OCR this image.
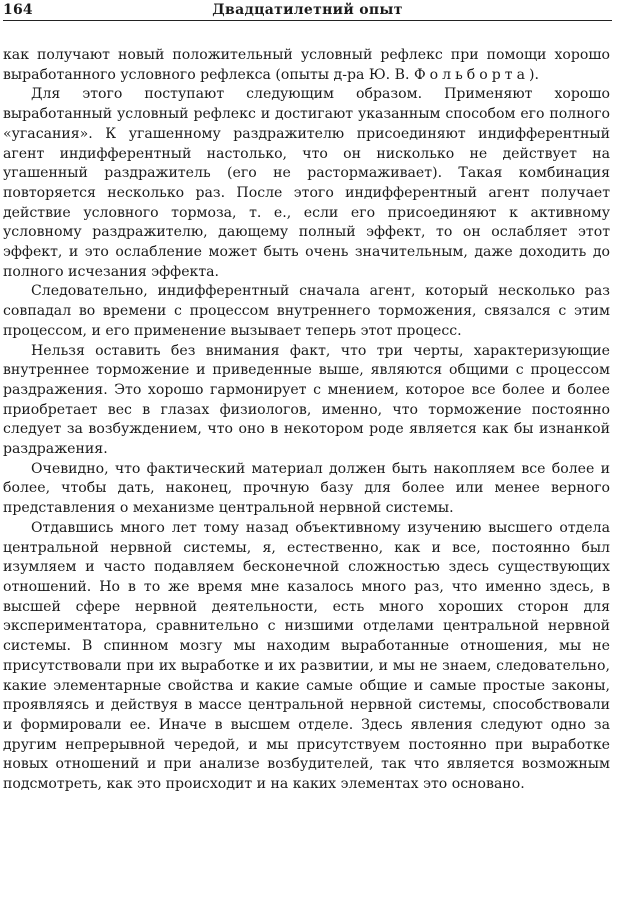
164	Двадцатилетний опыт

как получают новый положительный условный рефлекс при помощи хорошо выработанного условного рефлекса (опыты д-ра Ю. В. Фольборта).

Для этого поступают следующим образом. Применяют хорошо выработанный условный рефлекс и достигают указанным способом его полного «угасания». К угашенному раздражителю присоединяют индифферентный агент индифферентный настолько, что он нисколько не действует на угашенный раздражитель (его не растормаживает). Такая комбинация повторяется несколько раз. После этого индифферентный агент получает действие условного тормоза, т. е., если его присоединяют к активному условному раздражителю, дающему полный эффект, то он ослабляет этот эффект, и это ослабление может быть очень значительным, даже доходить до полного исчезания эффекта.

Следовательно, индифферентный сначала агент, который несколько раз совпадал во времени с процессом внутреннего торможения, связался с этим процессом, и его применение вызывает теперь этот процесс.

Нельзя оставить без внимания факт, что три черты, характеризующие внутреннее торможение и приведенные выше, являются общими с процессом раздражения. Это хорошо гармонирует с мнением, которое все более и более приобретает вес в глазах физиологов, именно, что торможение постоянно следует за возбуждением, что оно в некотором роде является как бы изнанкой раздражения.

Очевидно, что фактический материал должен быть накопляем все более и более, чтобы дать, наконец, прочную базу для более или менее верного представления о механизме центральной нервной системы.

Отдавшись много лет тому назад объективному изучению высшего отдела центральной нервной системы, я, естественно, как и все, постоянно был изумляем и часто подавляем бесконечной сложностью здесь существующих отношений. Но в то же время мне казалось много раз, что именно здесь, в высшей сфере нервной деятельности, есть много хороших сторон для экспериментатора, сравнительно с низшими отделами центральной нервной системы. В спинном мозгу мы находим выработанные отношения, мы не присутствовали при их выработке и их развитии, и мы не знаем, следовательно, какие элементарные свойства и какие самые общие и самые простые законы, проявляясь и действуя в массе центральной нервной системы, способствовали и формировали ее. Иначе в высшем отделе. Здесь явления следуют одно за другим непрерывной чередой, и мы присутствуем постоянно при выработке новых отношений и при анализе возбудителей, так что является возможным подсмотреть, как это происходит и на каких элементах это основано.
